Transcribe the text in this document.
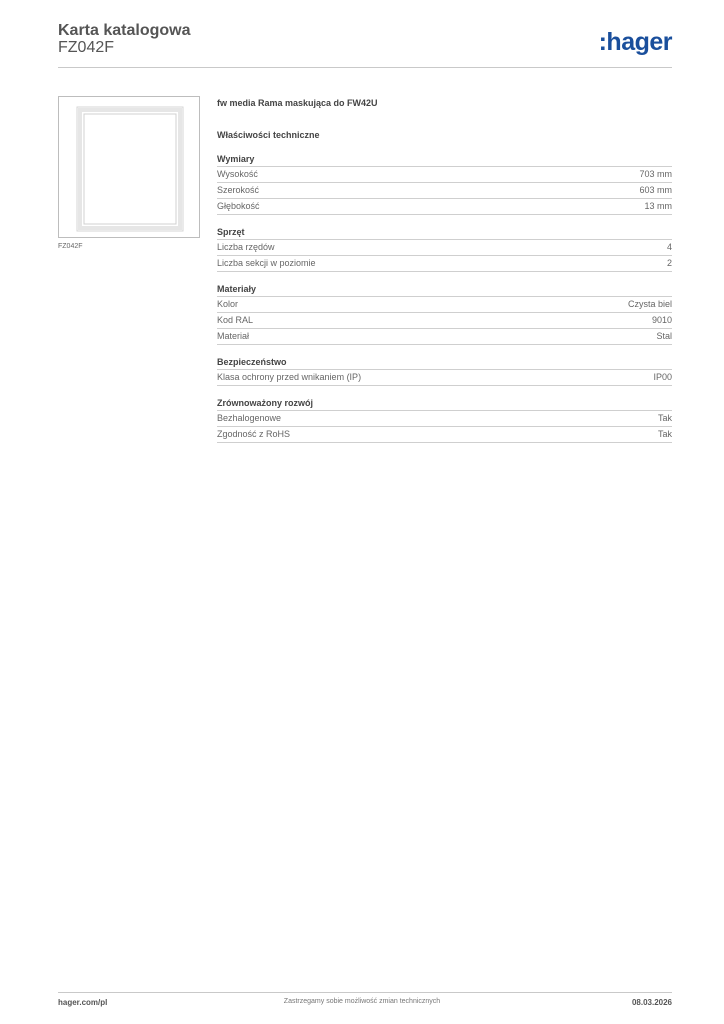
Karta katalogowa
FZ042F	:hager
FZ042F
fw media Rama maskująca do FW42U
Właściwości techniczne
Wymiary
Wysokość	703 mm
Szerokość	603 mm
Głębokość	13 mm
Sprzęt
Liczba rzędów	4
Liczba sekcji w poziomie	2
Materiały
Kolor	Czysta biel
Kod RAL	9010
Materiał	Stal
Bezpieczeństwo
Klasa ochrony przed wnikaniem (IP)	IP00
Zrównoważony rozwój
Bezhalogenowe	Tak
Zgodność z RoHS	Tak
hager.com/pl	Zastrzegamy sobie możliwość zmian technicznych	08.03.2026
